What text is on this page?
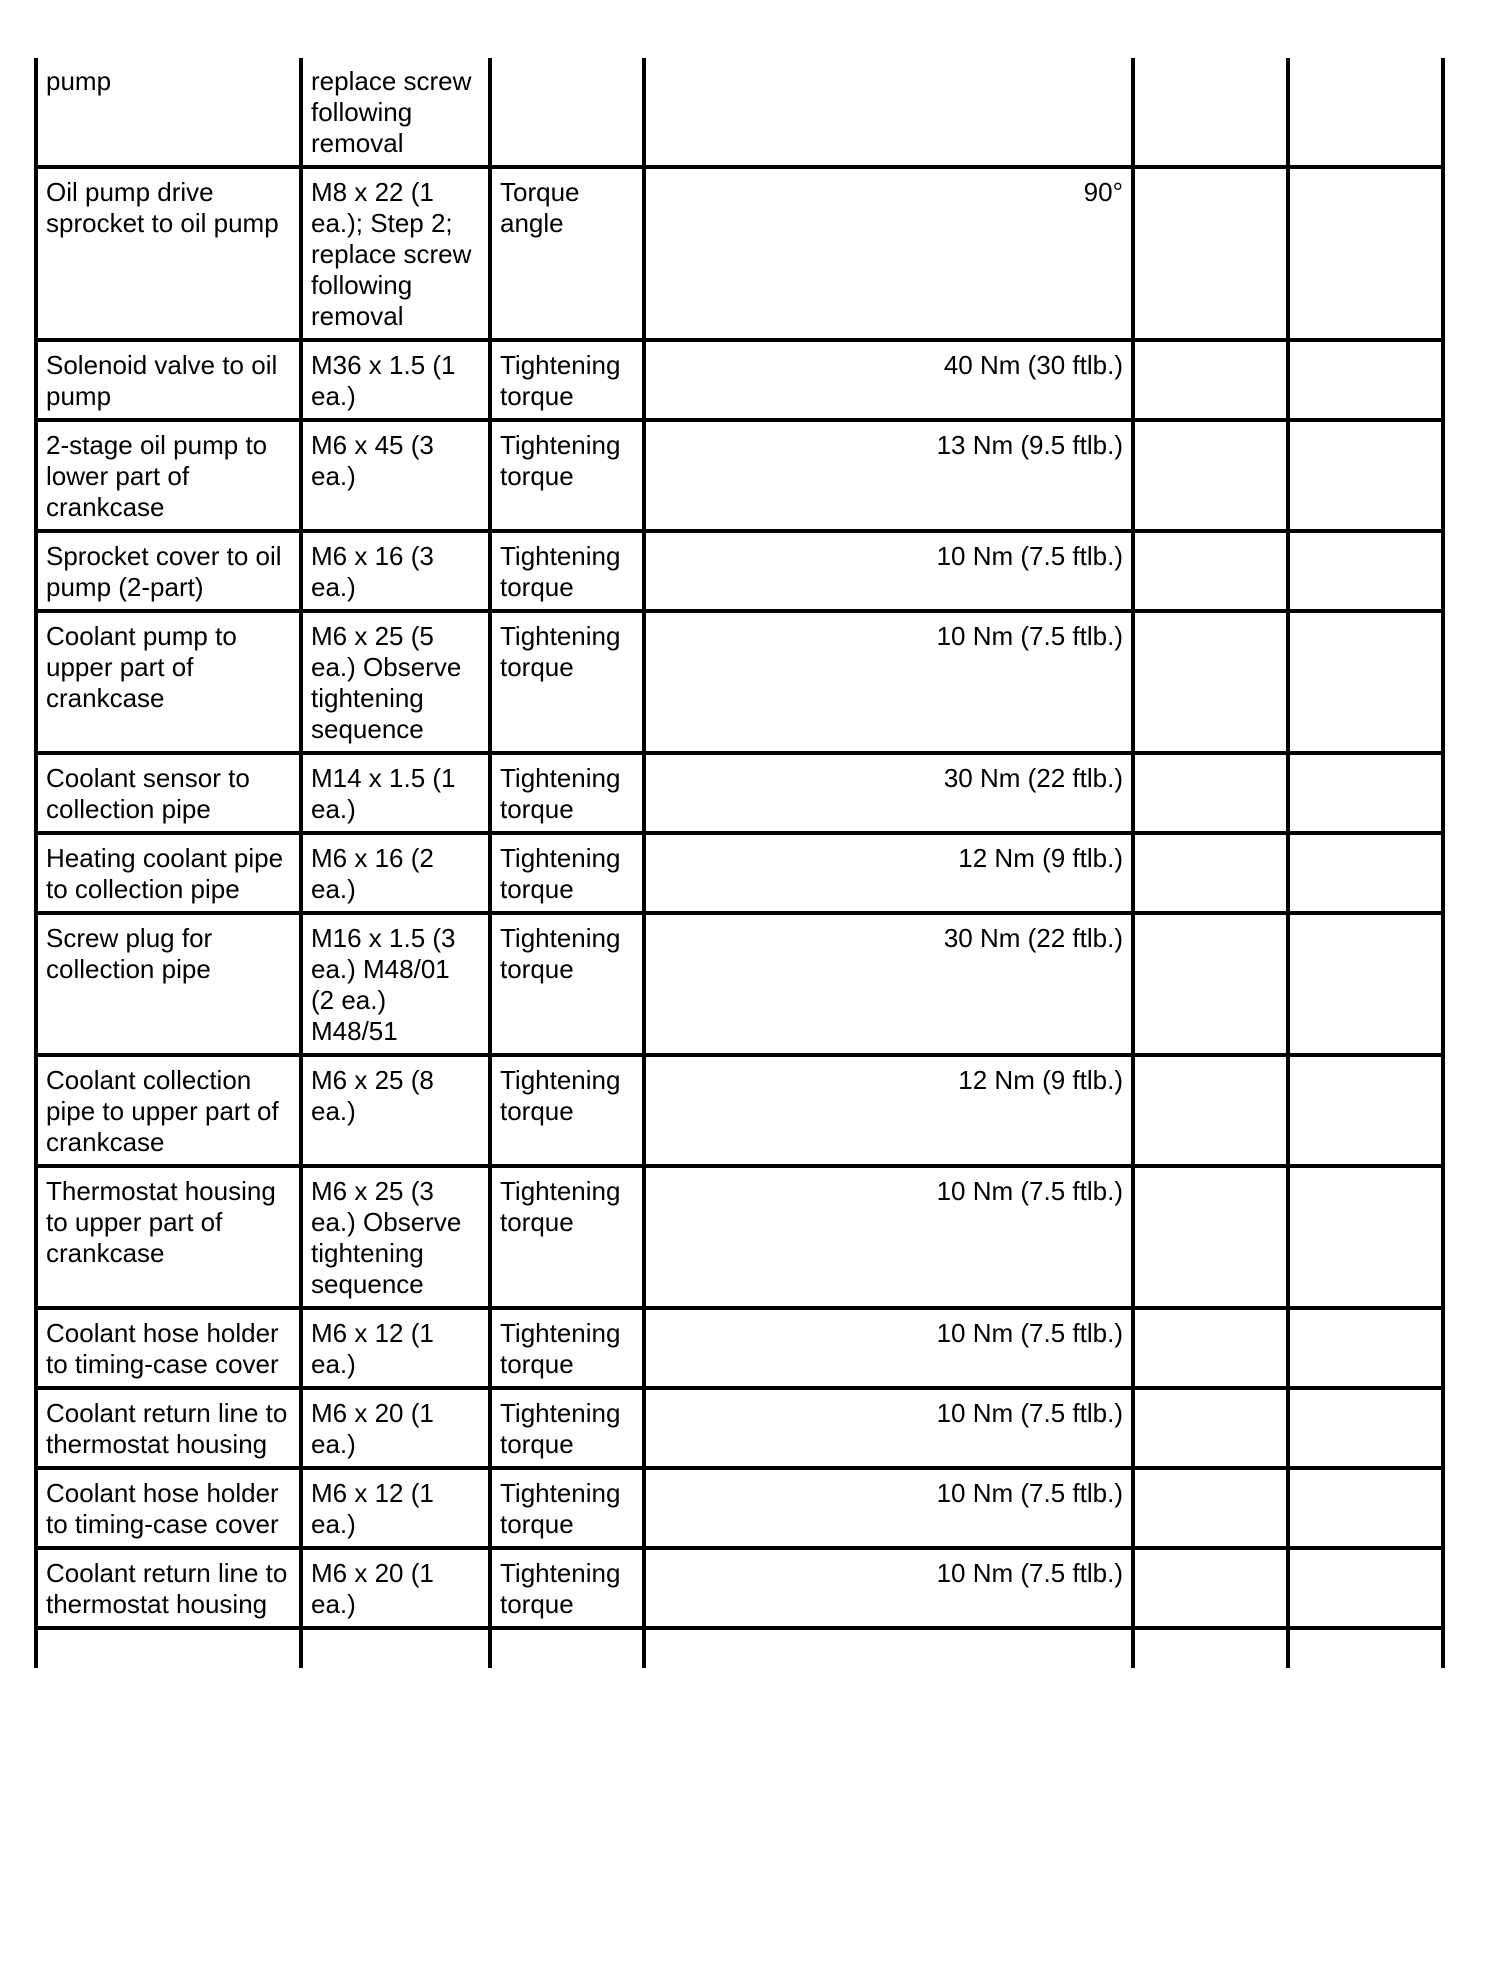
pump	replace screw following removal				
Oil pump drive sprocket to oil pump	M8 x 22 (1 ea.); Step 2; replace screw following removal	Torque angle	90°		
Solenoid valve to oil pump	M36 x 1.5 (1 ea.)	Tightening torque	40 Nm (30 ftlb.)		
2-stage oil pump to lower part of crankcase	M6 x 45 (3 ea.)	Tightening torque	13 Nm (9.5 ftlb.)		
Sprocket cover to oil pump (2-part)	M6 x 16 (3 ea.)	Tightening torque	10 Nm (7.5 ftlb.)		
Coolant pump to upper part of crankcase	M6 x 25 (5 ea.) Observe tightening sequence	Tightening torque	10 Nm (7.5 ftlb.)		
Coolant sensor to collection pipe	M14 x 1.5 (1 ea.)	Tightening torque	30 Nm (22 ftlb.)		
Heating coolant pipe to collection pipe	M6 x 16 (2 ea.)	Tightening torque	12 Nm (9 ftlb.)		
Screw plug for collection pipe	M16 x 1.5 (3 ea.) M48/01 (2 ea.) M48/51	Tightening torque	30 Nm (22 ftlb.)		
Coolant collection pipe to upper part of crankcase	M6 x 25 (8 ea.)	Tightening torque	12 Nm (9 ftlb.)		
Thermostat housing to upper part of crankcase	M6 x 25 (3 ea.) Observe tightening sequence	Tightening torque	10 Nm (7.5 ftlb.)		
Coolant hose holder to timing-case cover	M6 x 12 (1 ea.)	Tightening torque	10 Nm (7.5 ftlb.)		
Coolant return line to thermostat housing	M6 x 20 (1 ea.)	Tightening torque	10 Nm (7.5 ftlb.)		
Coolant hose holder to timing-case cover	M6 x 12 (1 ea.)	Tightening torque	10 Nm (7.5 ftlb.)		
Coolant return line to thermostat housing	M6 x 20 (1 ea.)	Tightening torque	10 Nm (7.5 ftlb.)		
